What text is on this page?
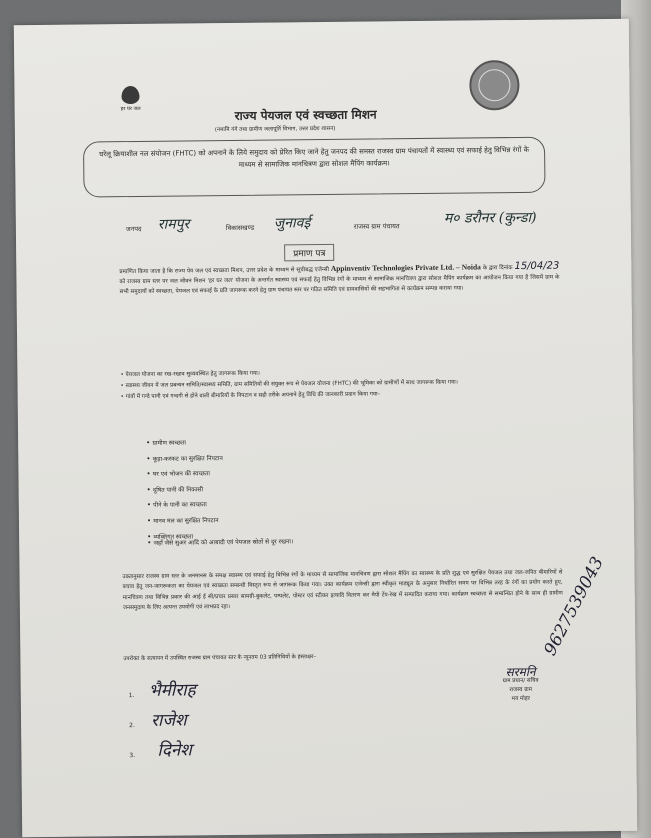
हर घर जल	राज्य पेयजल एवं स्वच्छता मिशन
(नमामि गंगे तथा ग्रामीण जलापूर्ति विभाग, उत्तर प्रदेश शासन)
घरेलू क्रियाशील नल संयोजन (FHTC) को अपनाने के लिये समुदाय को प्रेरित किए जाने हेतु जनपद की समस्त राजस्व ग्राम पंचायतों में स्वास्थ्य एवं सफाई हेतु विभिन्न रंगों के माध्यम से सामाजिक मानचित्रण द्वारा सोशल मैपिंग कार्यक्रम।
जनपद रामपुर	विकासखण्ड जुनावई	राजस्व ग्राम पंचायत	म० डरौनर (कुन्डा)
प्रमाण पत्र
प्रमाणित किया जाता है कि राज्य पेय जल एवं स्वच्छता मिशन, उत्तर प्रदेश के माध्यम से सूचीबद्ध एजेन्सी Appinventiv Technologies Private Ltd. – Noida के द्वारा दिनांक 15/04/23 को राजस्व ग्राम स्तर पर जल जीवन मिशन 'हर घर जल' योजना के अन्तर्गत स्वास्थ्य एवं सफाई हेतु विभिन्न रंगों के माध्यम से सामाजिक मानचित्रण द्वारा सोशल मैपिंग कार्यक्रम का आयोजन किया गया है जिसमें ग्राम के सभी समुदायों को स्वच्छता, पेयजल एवं सफाई के प्रति जागरूक करने हेतु ग्राम पंचायत स्तर पर गठित समिति एवं ग्रामवासियों की सहभागिता से कार्यक्रम सम्पन्न कराया गया।
• पेयजल योजना का रख-रखाव सुव्यवस्थित हेतु जागरूक किया गया।
• स्वास्थ्य जीवन में जल प्रबन्धन समिति/स्वास्थ्य समिति, ग्राम समितियों की संयुक्त रूप से पेयजल योजना (FHTC) की भूमिका को ग्रामीणों में साथ जागरूक किया गया।
• गांवों में गन्दे पानी एवं गन्दगी से होने वाली बीमारियों के निपटान व सही तरीके अपनाने हेतु विधि की जानकारी प्रदान किया गया–
• ग्रामीण स्वच्छता
• कूड़ा-करकट का सुरक्षित निपटान
• घर एवं भोजन की स्वच्छता
• दूषित पानी की निकासी
• पीने के पानी का स्वच्छता
• मानव मल का सुरक्षित निपटान
• व्यक्तिगत स्वच्छता
• जहाँ जैसे सुअर आदि को आबादी एवं पेयजल स्रोतों से दूर रखना।
उक्तानुसार राजस्व ग्राम स्तर के जनमानस के समक्ष स्वास्थ्य एवं सफाई हेतु विभिन्न रंगों के माध्यम से सामाजिक मानचित्रण द्वारा सोशल मैपिंग का स्वास्थ्य के प्रति शुद्ध एवं सुरक्षित पेयजल तथा जल-जनित बीमारियों से बचाव हेतु जन-जागरूकता का पेयजल एवं स्वच्छता सम्बन्धी विस्तृत रूप से जागरूक किया गया। उक्त कार्यक्रम एजेन्सी द्वारा स्वीकृत माड्यूल के अनुसार निर्धारित समय पर विभिन्न तरह के रंगों का प्रयोग करते हुए, मानचित्रण तथा विभिन्न प्रकार की आई ई सी/प्रचार प्रसार सामग्री-बुकलेट, पम्पलेट, पोस्टर एवं स्टीकर इत्यादि वितरण कर मैपी टेंप-रेख में सम्पादित कराया गया। कार्यक्रम स्वच्छता से सम्बन्धित होने के साथ ही ग्रामीण जनसमुदाय के लिए अत्यन्त उपयोगी एवं लाभप्रद रहा।
उपरोक्त के सत्यापन में उपस्थित राजस्व ग्राम पंचायत स्तर के न्यूनतम 03 प्रतिनिधियों के हस्ताक्षर–
1. भैमीराह
2. राजेश
3. दिनेश
सरमनि
ग्राम प्रधान/ सचिव
राजस्व ग्राम
मय मोहर
9627539043
